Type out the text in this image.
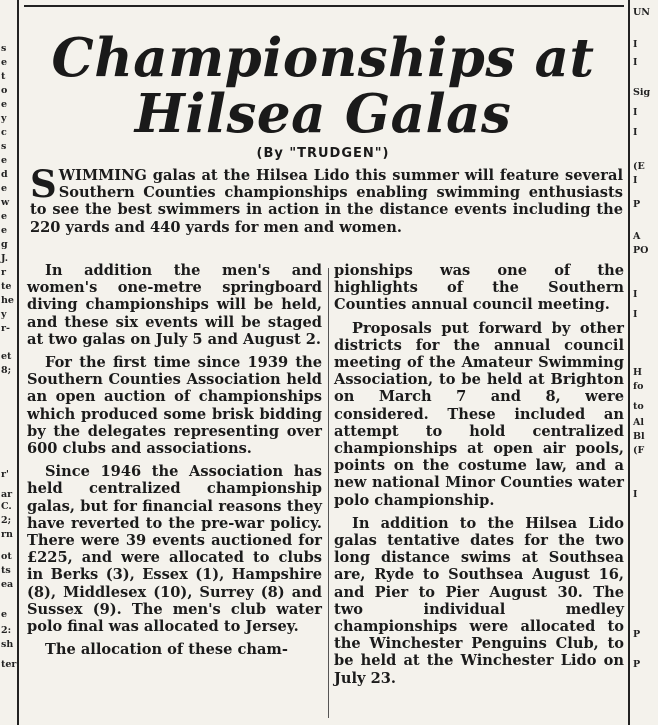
s
e
t
o
e
y
c
s
e
d
e
w
e
e
g
J.
r
te
he
y
r-
et
8;
r'
ar
C.
2;
rn
ot
ts
ea
e
2:
sh
ter
Championships at
Hilsea Galas
(By "TRUDGEN")

SWIMMING galas at the Hilsea Lido this summer will feature several Southern Counties championships enabling swimming enthusiasts to see the best swimmers in action in the distance events including the 220 yards and 440 yards for men and women.

In addition the men's and women's one-metre springboard diving championships will be held, and these six events will be staged at two galas on July 5 and August 2.

For the first time since 1939 the Southern Counties Association held an open auction of championships which produced some brisk bidding by the delegates representing over 600 clubs and associations.

Since 1946 the Association has held centralized championship galas, but for financial reasons they have reverted to the pre-war policy. There were 39 events auctioned for £225, and were allocated to clubs in Berks (3), Essex (1), Hampshire (8), Middlesex (10), Surrey (8) and Sussex (9). The men's club water polo final was allocated to Jersey.

The allocation of these cham-

pionships was one of the highlights of the Southern Counties annual council meeting.

Proposals put forward by other districts for the annual council meeting of the Amateur Swimming Association, to be held at Brighton on March 7 and 8, were considered. These included an attempt to hold centralized championships at open air pools, points on the costume law, and a new national Minor Counties water polo championship.

In addition to the Hilsea Lido galas tentative dates for the two long distance swims at Southsea are, Ryde to Southsea August 16, and Pier to Pier August 30. The two individual medley championships were allocated to the Winchester Penguins Club, to be held at the Winchester Lido on July 23.

UN
I
I
Sig
I
I
(E
I
P
A
PO
I
I
H
fo
to
Al
Bl
(F
I
P
P
